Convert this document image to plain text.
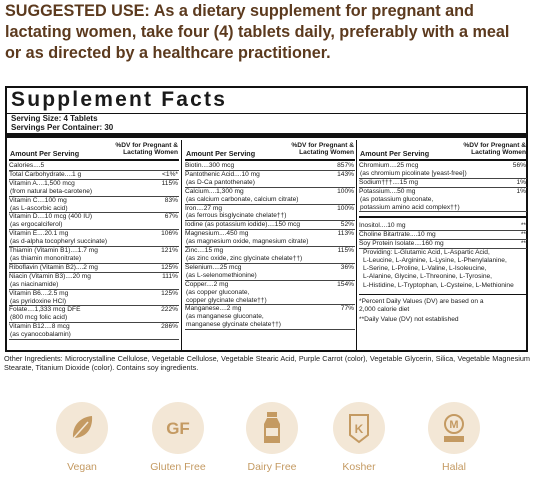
SUGGESTED USE: As a dietary supplement for pregnant and lactating women, take four (4) tablets daily, preferably with a meal or as directed by a healthcare practitioner.
Supplement Facts
Serving Size: 4 Tablets
Servings Per Container: 30
Amount Per Serving
%DV for Pregnant &
Lactating Women
Calories....5
Total Carbohydrate....1 g	<1%*
Vitamin A....1,500 mcg	115%
(from natural beta-carotene)
Vitamin C....100 mg	83%
(as L-ascorbic acid)
Vitamin D....10 mcg (400 IU)	67%
(as ergocalciferol)
Vitamin E....20.1 mg	106%
(as d-alpha tocopheryl succinate)
Thiamin (Vitamin B1)....1.7 mg	121%
(as thiamin mononitrate)
Riboflavin (Vitamin B2)....2 mg	125%
Niacin (Vitamin B3)....20 mg	111%
(as niacinamide)
Vitamin B6....2.5 mg	125%
(as pyridoxine HCl)
Folate....1,333 mcg DFE	222%
(800 mcg folic acid)
Vitamin B12....8 mcg	286%
(as cyanocobalamin)
Amount Per Serving
%DV for Pregnant &
Lactating Women
Biotin....300 mcg	857%
Pantothenic Acid....10 mg	143%
(as D-Ca pantothenate)
Calcium....1,300 mg	100%
(as calcium carbonate, calcium citrate)
Iron....27 mg	100%
(as ferrous bisglycinate chelate††)
Iodine (as potassium iodide)....150 mcg	52%
Magnesium....450 mg	113%
(as magnesium oxide, magnesium citrate)
Zinc....15 mg	115%
(as zinc oxide, zinc glycinate chelate††)
Selenium....25 mcg	36%
(as L-selenomethionine)
Copper....2 mg	154%
(as copper gluconate,
copper glycinate chelate††)
Manganese....2 mg	77%
(as manganese gluconate,
manganese glycinate chelate††)
Amount Per Serving
%DV for Pregnant &
Lactating Women
Chromium....25 mcg	56%
(as chromium picolinate [yeast-free])
Sodium†††....15 mg	1%
Potassium....50 mg	1%
(as potassium gluconate,
potassium amino acid complex††)
Inositol....10 mg	**
Choline Bitartrate....10 mg	**
Soy Protein Isolate....160 mg	**
Providing: L-Glutamic Acid, L-Aspartic Acid,
L-Leucine, L-Arginine, L-Lysine, L-Phenylalanine,
L-Serine, L-Proline, L-Valine, L-Isoleucine,
L-Alanine, Glycine, L-Threonine, L-Tyrosine,
L-Histidine, L-Tryptophan, L-Cysteine, L-Methionine
*Percent Daily Values (DV) are based on a
2,000 calorie diet
**Daily Value (DV) not established
Other Ingredients: Microcrystalline Cellulose, Vegetable Cellulose, Vegetable Stearic Acid, Purple Carrot (color), Vegetable Glycerin, Silica, Vegetable Magnesium Stearate, Titanium Dioxide (color). Contains soy ingredients.
Vegan
GF
Gluten Free	Dairy Free
K
Kosher
M
Halal
